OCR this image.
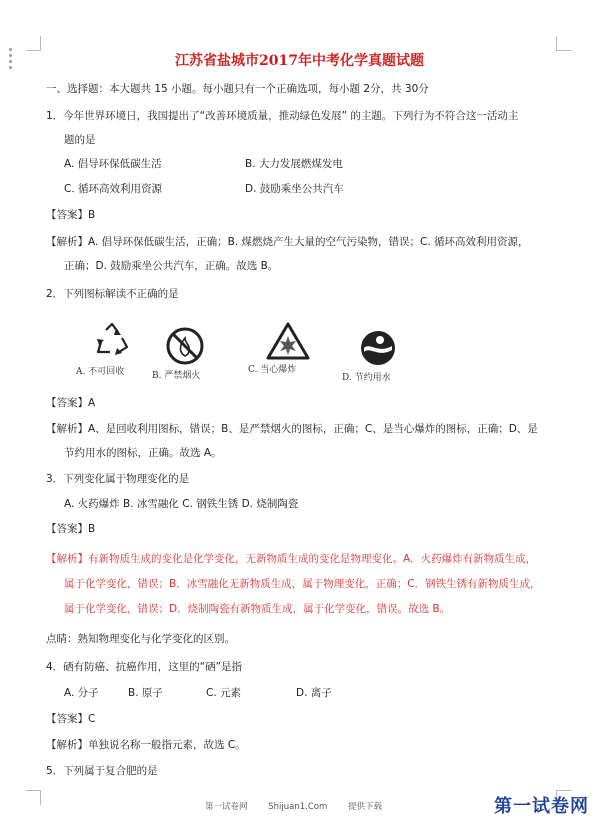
江苏省盐城市2017年中考化学真题试题
一、选择题：本大题共 15 小题。每小题只有一个正确选项，每小题 2分，共 30分
1．今年世界环境日，我国提出了“改善环境质量，推动绿色发展” 的主题。下列行为不符合这一活动主
题的是
A. 倡导环保低碳生活	B. 大力发展燃煤发电
C. 循环高效利用资源	D. 鼓励乘坐公共汽车
【答案】B
【解析】A. 倡导环保低碳生活，正确；B. 煤燃烧产生大量的空气污染物，错误；C. 循环高效利用资源，
正确；D. 鼓励乘坐公共汽车，正确。故选 B。
2．下列图标解读不正确的是
A. 不可回收	B. 严禁烟火
C. 当心爆炸
D. 节约用水
【答案】A
【解析】A、是回收利用图标，错误；B、是严禁烟火的图标，正确；C、是当心爆炸的图标，正确；D、是
节约用水的图标，正确。故选 A。
3．下列变化属于物理变化的是
A. 火药爆炸 B. 冰雪融化 C. 钢铁生锈 D. 烧制陶瓷
【答案】B
【解析】有新物质生成的变化是化学变化，无新物质生成的变化是物理变化。A．火药爆炸有新物质生成，
属于化学变化，错误；B．冰雪融化无新物质生成，属于物理变化，正确；C．钢铁生锈有新物质生成，
属于化学变化，错误；D．烧制陶瓷有新物质生成，属于化学变化，错误。故选 B。
点睛：熟知物理变化与化学变化的区别。
4．硒有防癌、抗癌作用，这里的“硒”是指
A. 分子	B. 原子	C. 元素	D. 离子
【答案】C
【解析】单独说名称一般指元素，故选 C。
5．下列属于复合肥的是
第一试卷网 Shijuan1.Com 提供下载	第一试卷网
